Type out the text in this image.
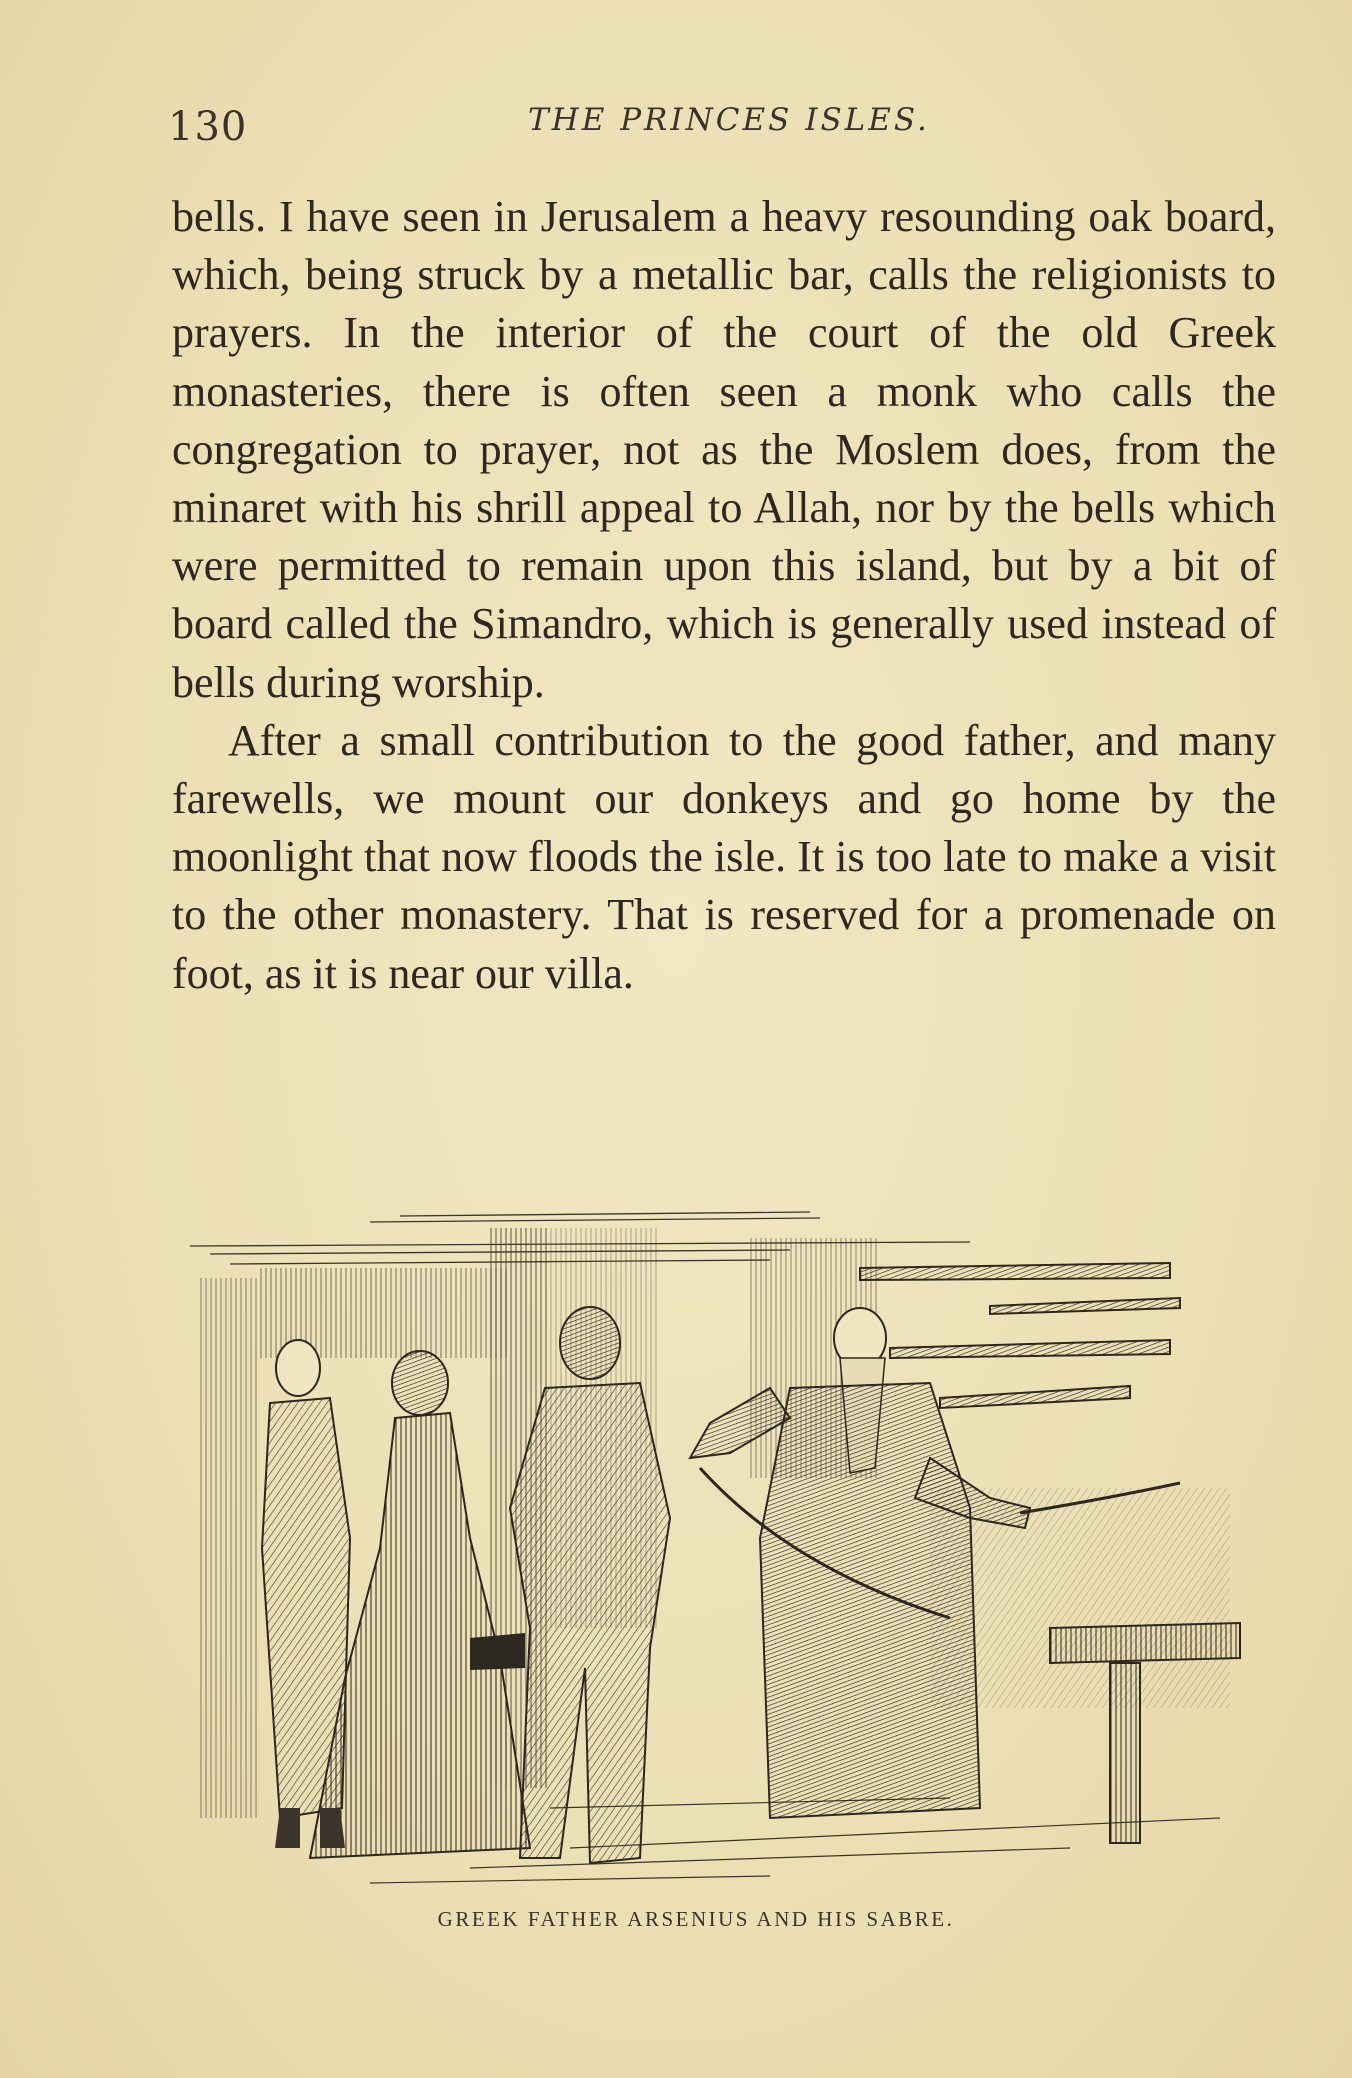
130	THE PRINCES ISLES.

bells. I have seen in Jerusalem a heavy resounding oak board, which, being struck by a metallic bar, calls the religionists to prayers. In the interior of the court of the old Greek monasteries, there is often seen a monk who calls the congregation to prayer, not as the Moslem does, from the minaret with his shrill appeal to Allah, nor by the bells which were permitted to remain upon this island, but by a bit of board called the Simandro, which is generally used instead of bells during worship.

After a small contribution to the good father, and many farewells, we mount our donkeys and go home by the moonlight that now floods the isle. It is too late to make a visit to the other monastery. That is reserved for a promenade on foot, as it is near our villa.

GREEK FATHER ARSENIUS AND HIS SABRE.
